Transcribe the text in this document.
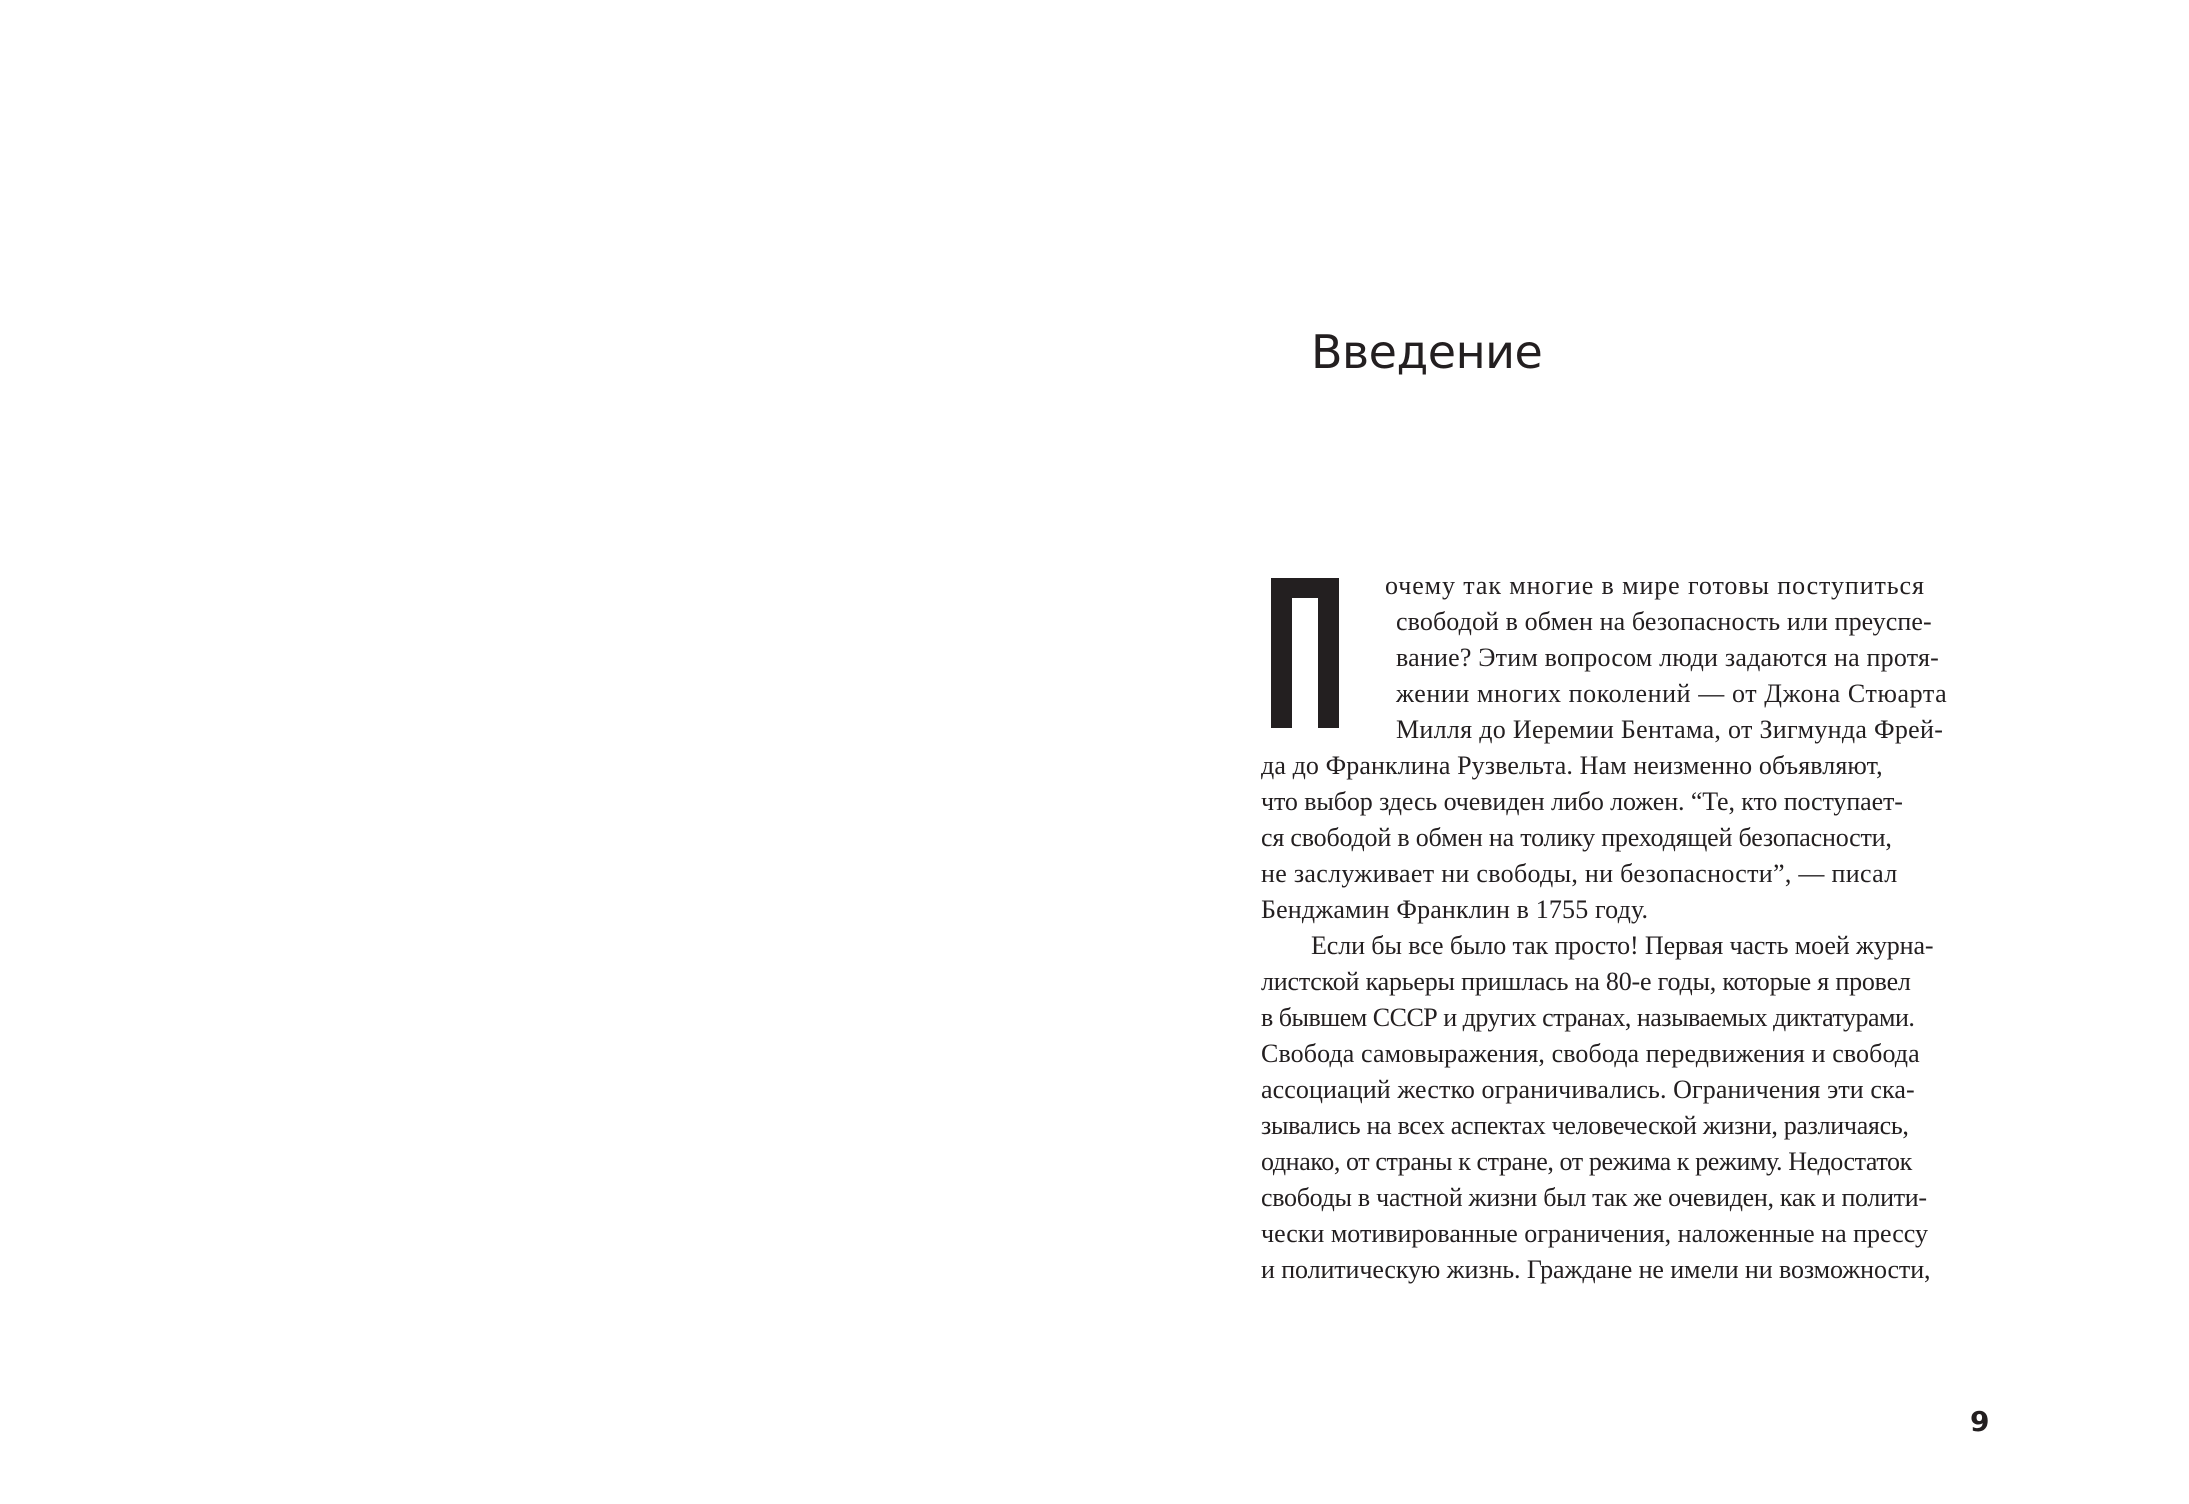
Введение
очему так многие в мире готовы поступиться
свободой в обмен на безопасность или преуспе-
вание? Этим вопросом люди задаются на протя-
жении многих поколений — от Джона Стюарта
Милля до Иеремии Бентама, от Зигмунда Фрей-
да до Франклина Рузвельта. Нам неизменно объявляют,
что выбор здесь очевиден либо ложен. “Те, кто поступает-
ся свободой в обмен на толику преходящей безопасности,
не заслуживает ни свободы, ни безопасности”, — писал
Бенджамин Франклин в 1755 году.
Если бы все было так просто! Первая часть моей журна-
листской карьеры пришлась на 80-е годы, которые я провел
в бывшем СССР и других странах, называемых диктатурами.
Свобода самовыражения, свобода передвижения и свобода
ассоциаций жестко ограничивались. Ограничения эти ска-
зывались на всех аспектах человеческой жизни, различаясь,
однако, от страны к стране, от режима к режиму. Недостаток
свободы в частной жизни был так же очевиден, как и полити-
чески мотивированные ограничения, наложенные на прессу
и политическую жизнь. Граждане не имели ни возможности,
9
